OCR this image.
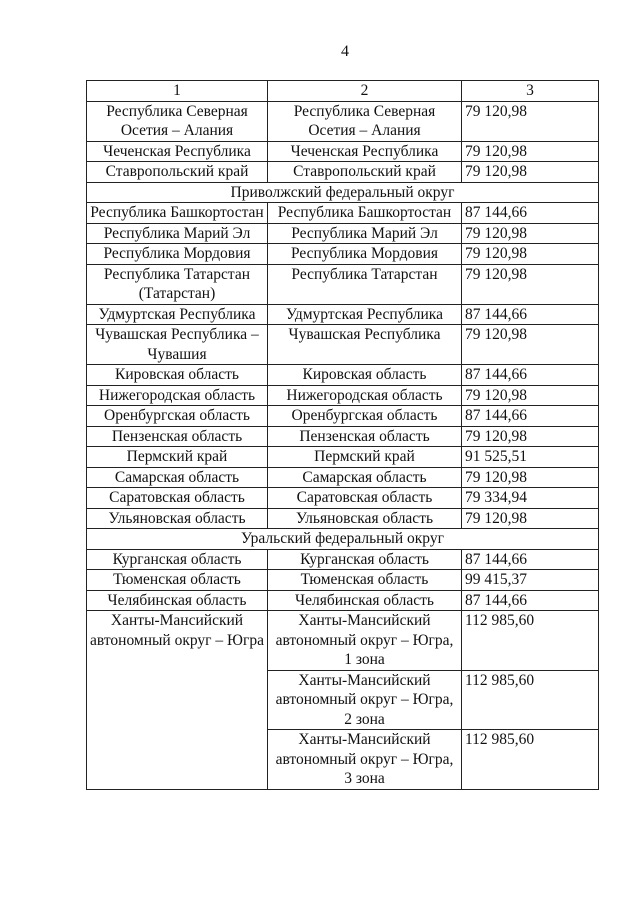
4
1	2	3
Республика Северная Осетия – Алания	Республика Северная Осетия – Алания	79 120,98
Чеченская Республика	Чеченская Республика	79 120,98
Ставропольский край	Ставропольский край	79 120,98
Приволжский федеральный округ		
Республика Башкортостан	Республика Башкортостан	87 144,66
Республика Марий Эл	Республика Марий Эл	79 120,98
Республика Мордовия	Республика Мордовия	79 120,98
Республика Татарстан (Татарстан)	Республика Татарстан	79 120,98
Удмуртская Республика	Удмуртская Республика	87 144,66
Чувашская Республика – Чувашия	Чувашская Республика	79 120,98
Кировская область	Кировская область	87 144,66
Нижегородская область	Нижегородская область	79 120,98
Оренбургская область	Оренбургская область	87 144,66
Пензенская область	Пензенская область	79 120,98
Пермский край	Пермский край	91 525,51
Самарская область	Самарская область	79 120,98
Саратовская область	Саратовская область	79 334,94
Ульяновская область	Ульяновская область	79 120,98
Уральский федеральный округ		
Курганская область	Курганская область	87 144,66
Тюменская область	Тюменская область	99 415,37
Челябинская область	Челябинская область	87 144,66
Ханты-Мансийский автономный округ – Югра	Ханты-Мансийский автономный округ – Югра, 1 зона	112 985,60
	Ханты-Мансийский автономный округ – Югра, 2 зона	112 985,60
	Ханты-Мансийский автономный округ – Югра, 3 зона	112 985,60
